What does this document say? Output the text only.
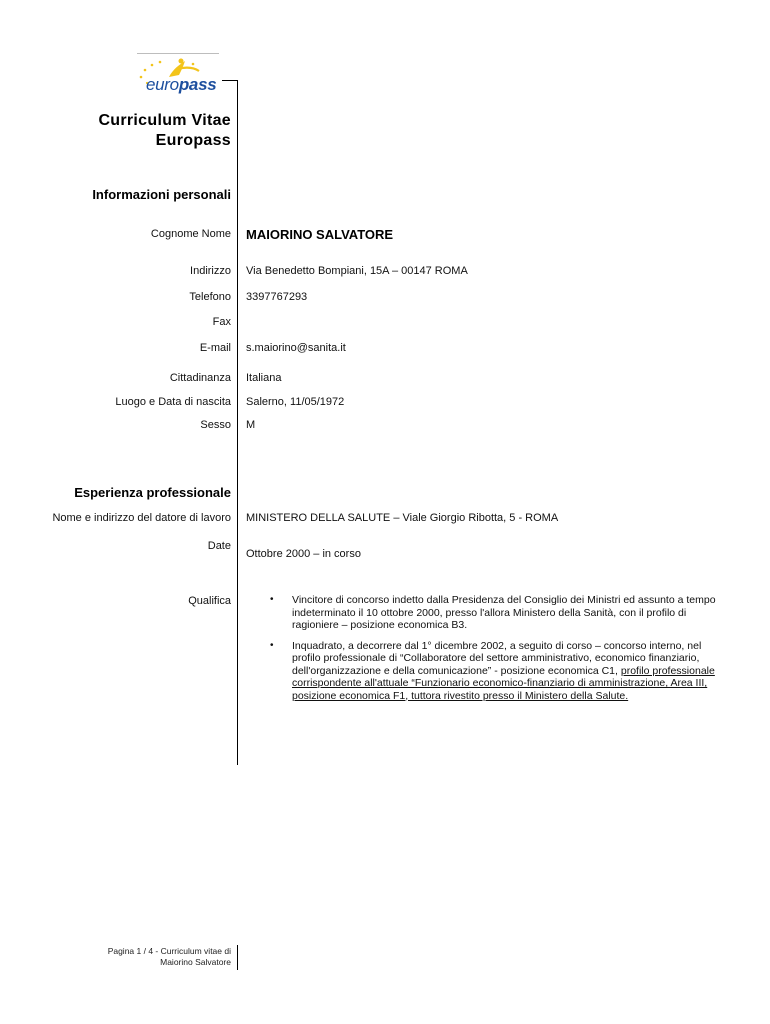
europass
Curriculum Vitae
Europass
Informazioni personali
Cognome Nome MAIORINO SALVATORE
Indirizzo Via Benedetto Bompiani, 15A – 00147 ROMA
Telefono 3397767293
Fax
E-mail s.maiorino@sanita.it
Cittadinanza Italiana
Luogo e Data di nascita Salerno, 11/05/1972
Sesso M
Esperienza professionale
Nome e indirizzo del datore di lavoro MINISTERO DELLA SALUTE – Viale Giorgio Ribotta, 5 - ROMA
Date
Ottobre 2000 – in corso
Qualifica	• Vincitore di concorso indetto dalla Presidenza del Consiglio dei Ministri ed assunto a tempo indeterminato il 10 ottobre 2000, presso l'allora Ministero della Sanità, con il profilo di ragioniere – posizione economica B3.
• Inquadrato, a decorrere dal 1° dicembre 2002, a seguito di corso – concorso interno, nel profilo professionale di “Collaboratore del settore amministrativo, economico finanziario, dell'organizzazione e della comunicazione” - posizione economica C1, profilo professionale corrispondente all'attuale “Funzionario economico-finanziario di amministrazione, Area III, posizione economica F1, tuttora rivestito presso il Ministero della Salute.
Pagina 1 / 4 - Curriculum vitae di
Maiorino Salvatore
